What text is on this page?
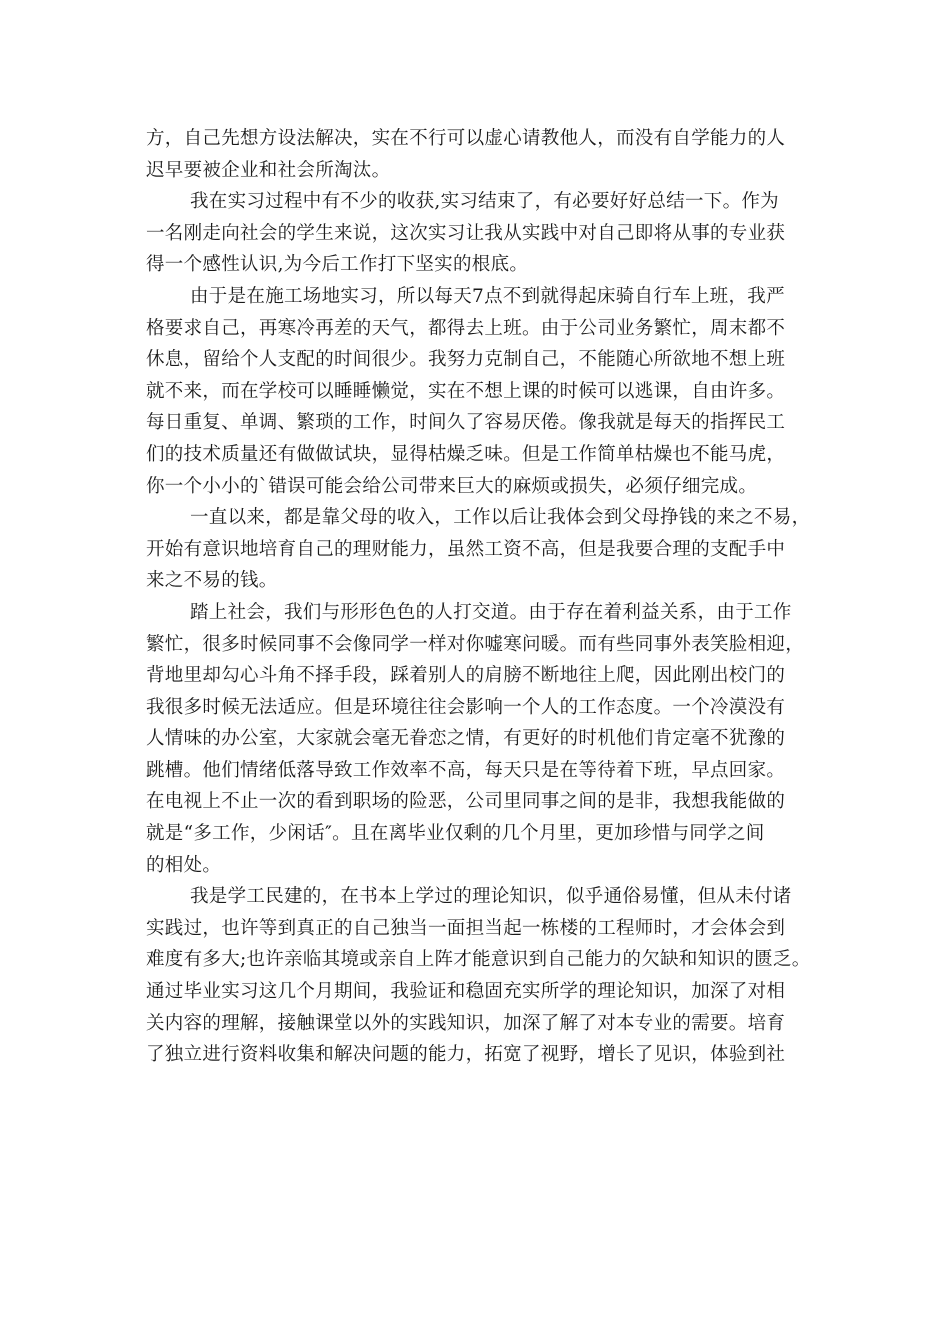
方，自己先想方设法解决，实在不行可以虚心请教他人，而没有自学能力的人
迟早要被企业和社会所淘汰。
我在实习过程中有不少的收获,实习结束了，有必要好好总结一下。作为
一名刚走向社会的学生来说，这次实习让我从实践中对自己即将从事的专业获
得一个感性认识,为今后工作打下坚实的根底。
由于是在施工场地实习，所以每天7点不到就得起床骑自行车上班，我严
格要求自己，再寒冷再差的天气，都得去上班。由于公司业务繁忙，周末都不
休息，留给个人支配的时间很少。我努力克制自己，不能随心所欲地不想上班
就不来，而在学校可以睡睡懒觉，实在不想上课的时候可以逃课，自由许多。
每日重复、单调、繁琐的工作，时间久了容易厌倦。像我就是每天的指挥民工
们的技术质量还有做做试块，显得枯燥乏味。但是工作简单枯燥也不能马虎，
你一个小小的`错误可能会给公司带来巨大的麻烦或损失，必须仔细完成。
一直以来，都是靠父母的收入，工作以后让我体会到父母挣钱的来之不易，
开始有意识地培育自己的理财能力，虽然工资不高，但是我要合理的支配手中
来之不易的钱。
踏上社会，我们与形形色色的人打交道。由于存在着利益关系，由于工作
繁忙，很多时候同事不会像同学一样对你嘘寒问暖。而有些同事外表笑脸相迎，
背地里却勾心斗角不择手段，踩着别人的肩膀不断地往上爬，因此刚出校门的
我很多时候无法适应。但是环境往往会影响一个人的工作态度。一个冷漠没有
人情味的办公室，大家就会毫无眷恋之情，有更好的时机他们肯定毫不犹豫的
跳槽。他们情绪低落导致工作效率不高，每天只是在等待着下班，早点回家。
在电视上不止一次的看到职场的险恶，公司里同事之间的是非，我想我能做的
就是“多工作，少闲话″。且在离毕业仅剩的几个月里，更加珍惜与同学之间
的相处。
我是学工民建的，在书本上学过的理论知识，似乎通俗易懂，但从未付诸
实践过，也许等到真正的自己独当一面担当起一栋楼的工程师时，才会体会到
难度有多大;也许亲临其境或亲自上阵才能意识到自己能力的欠缺和知识的匮乏。
通过毕业实习这几个月期间，我验证和稳固充实所学的理论知识，加深了对相
关内容的理解，接触课堂以外的实践知识，加深了解了对本专业的需要。培育
了独立进行资料收集和解决问题的能力，拓宽了视野，增长了见识，体验到社
